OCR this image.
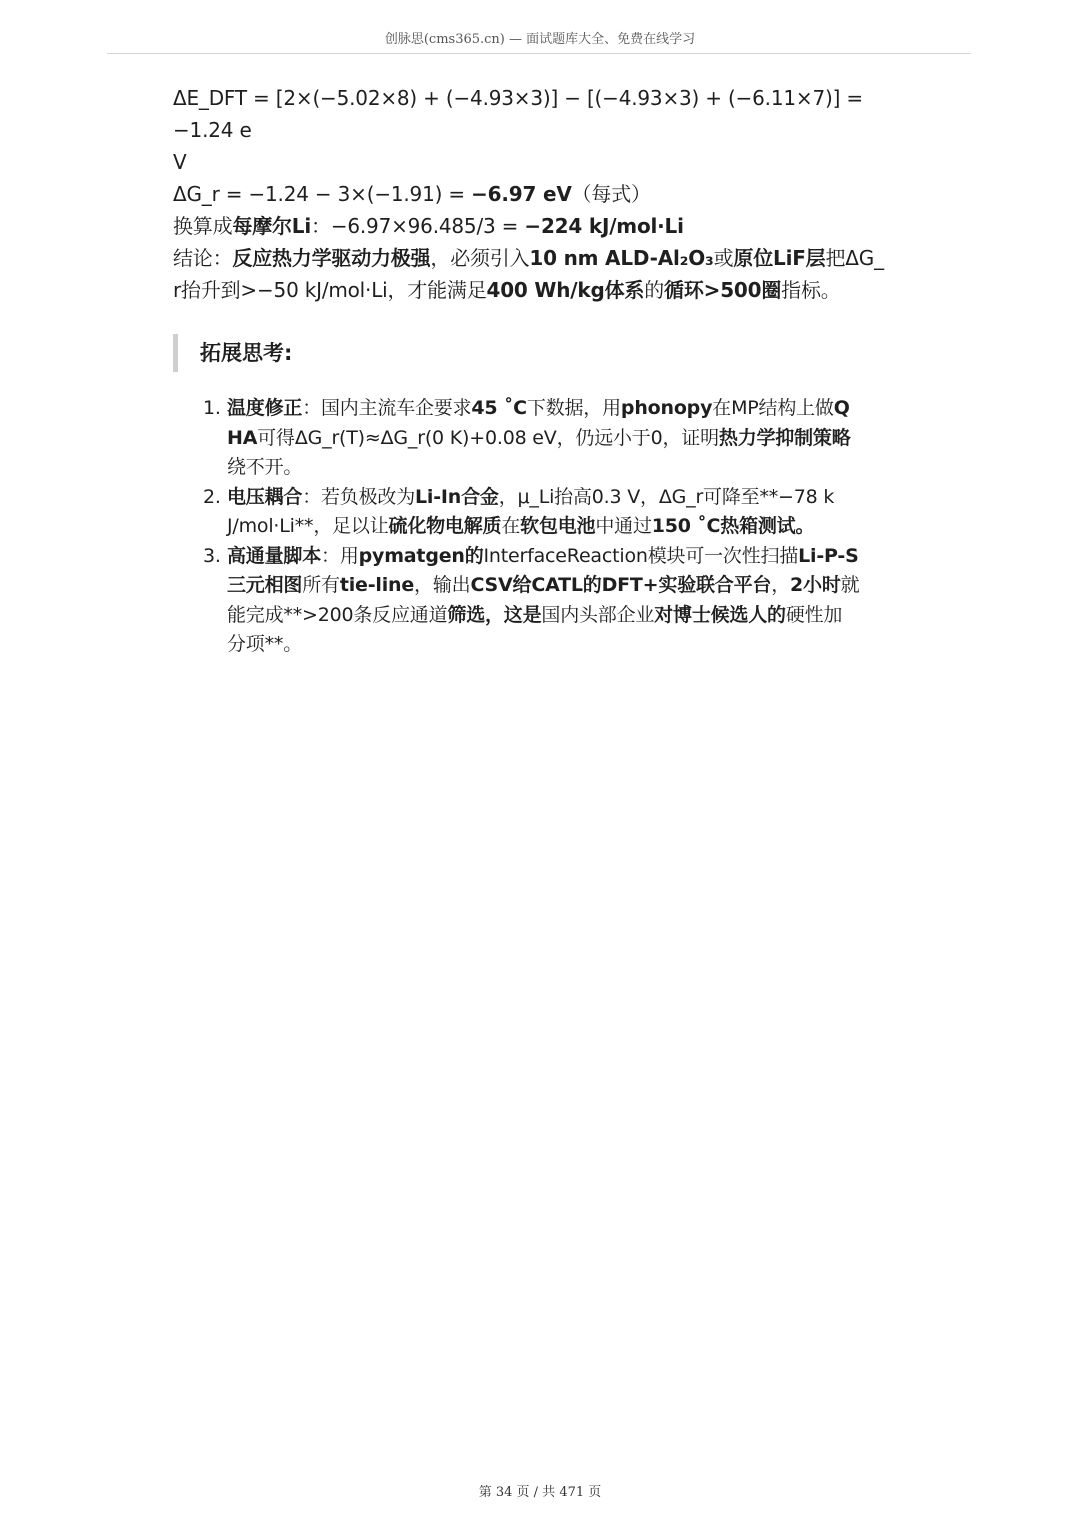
创脉思(cms365.cn) — 面试题库大全、免费在线学习

ΔE_DFT = [2×(−5.02×8) + (−4.93×3)] − [(−4.93×3) + (−6.11×7)] = −1.24 e

V

ΔG_r = −1.24 − 3×(−1.91) = −6.97 eV（每式）

换算成每摩尔Li：−6.97×96.485/3 = −224 kJ/mol·Li

结论：反应热力学驱动力极强，必须引入10 nm ALD-Al₂O₃或原位LiF层把ΔG_

r抬升到>−50 kJ/mol·Li，才能满足400 Wh/kg体系的循环>500圈指标。

拓展思考:
1. 温度修正：国内主流车企要求45 ˚C下数据，用phonopy在MP结构上做Q
HA可得ΔG_r(T)≈ΔG_r(0 K)+0.08 eV，仍远小于0，证明热力学抑制策略
绕不开。
2. 电压耦合：若负极改为Li-In合金，μ_Li抬高0.3 V，ΔG_r可降至**−78 k
J/mol·Li**，足以让硫化物电解质在软包电池中通过150 ˚C热箱测试。
3. 高通量脚本：用pymatgen的InterfaceReaction模块可一次性扫描Li-P-S
三元相图所有tie-line，输出CSV给CATL的DFT+实验联合平台，2小时就
能完成**>200条反应通道筛选，这是国内头部企业对博士候选人的硬性加
分项**。
第 34 页 / 共 471 页
